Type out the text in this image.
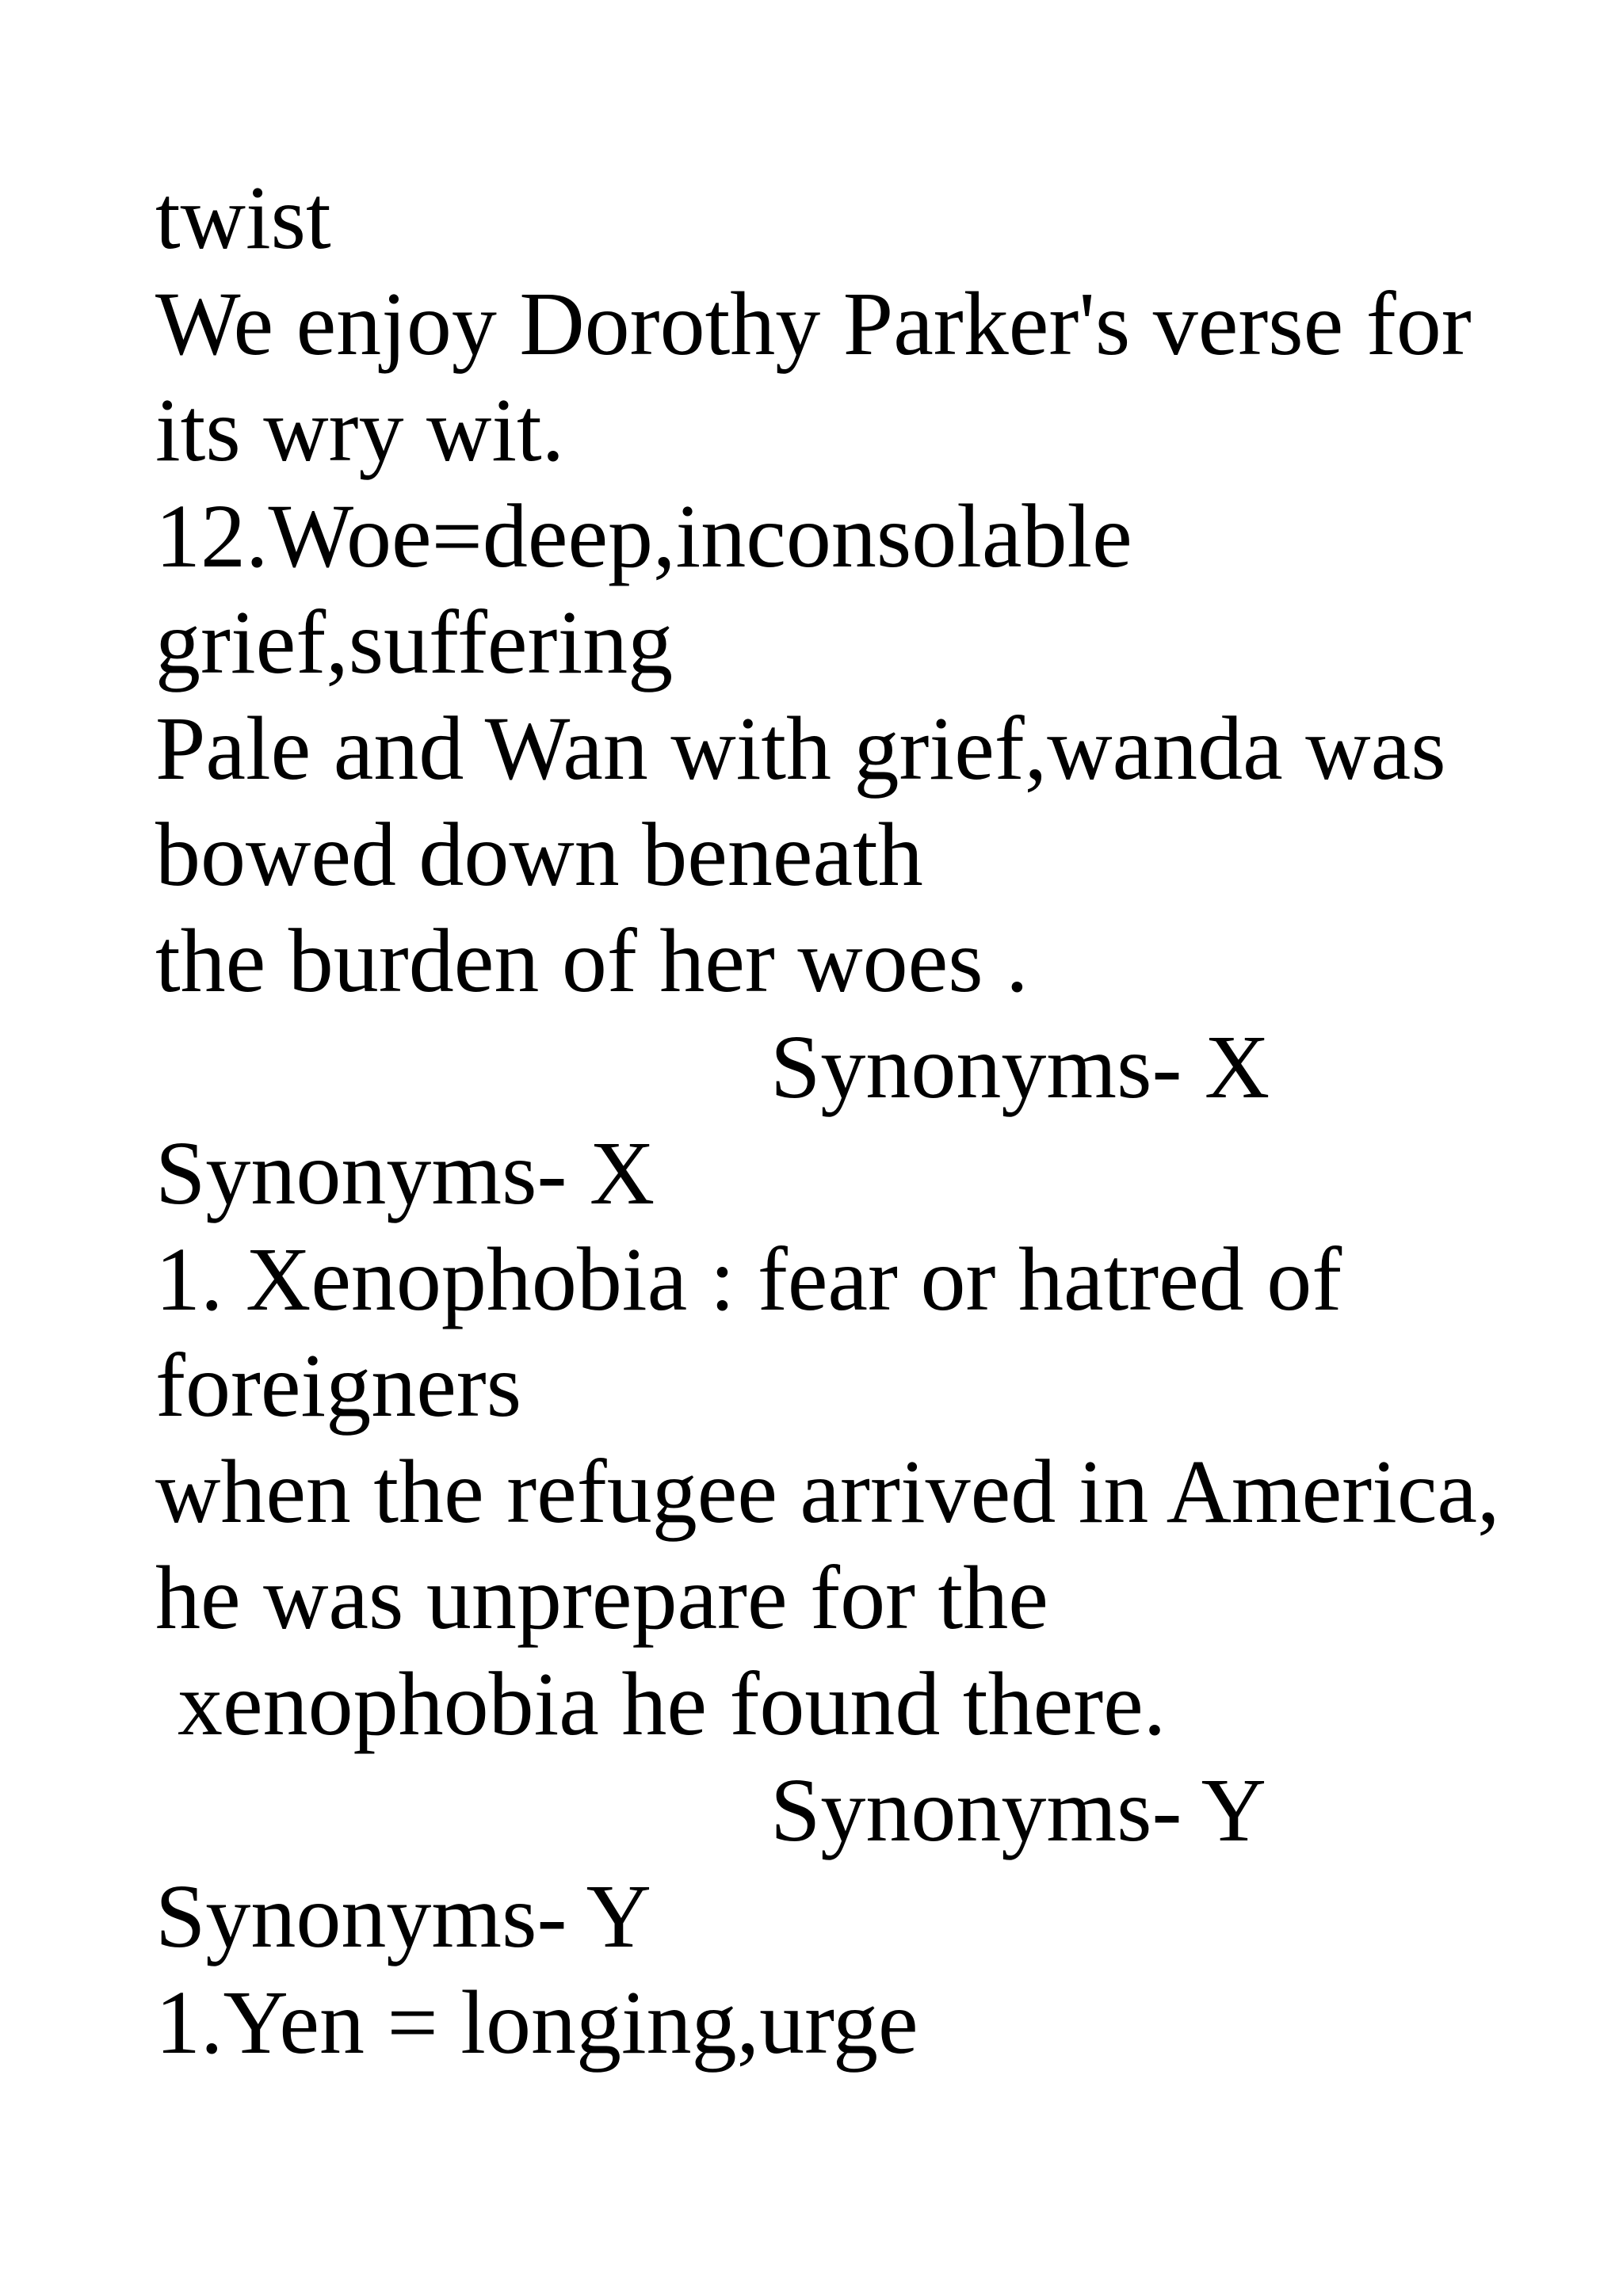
twist

We enjoy Dorothy Parker's verse for

its wry wit.

12.Woe=deep,inconsolable

grief,suffering

Pale and Wan with grief,wanda was

bowed down beneath

the burden of her woes .

Synonyms- X

Synonyms- X

1. Xenophobia : fear or hatred of

foreigners

when the refugee arrived in America,

he was unprepare for the

xenophobia he found there.

Synonyms- Y

Synonyms- Y

1.Yen = longing,urge
